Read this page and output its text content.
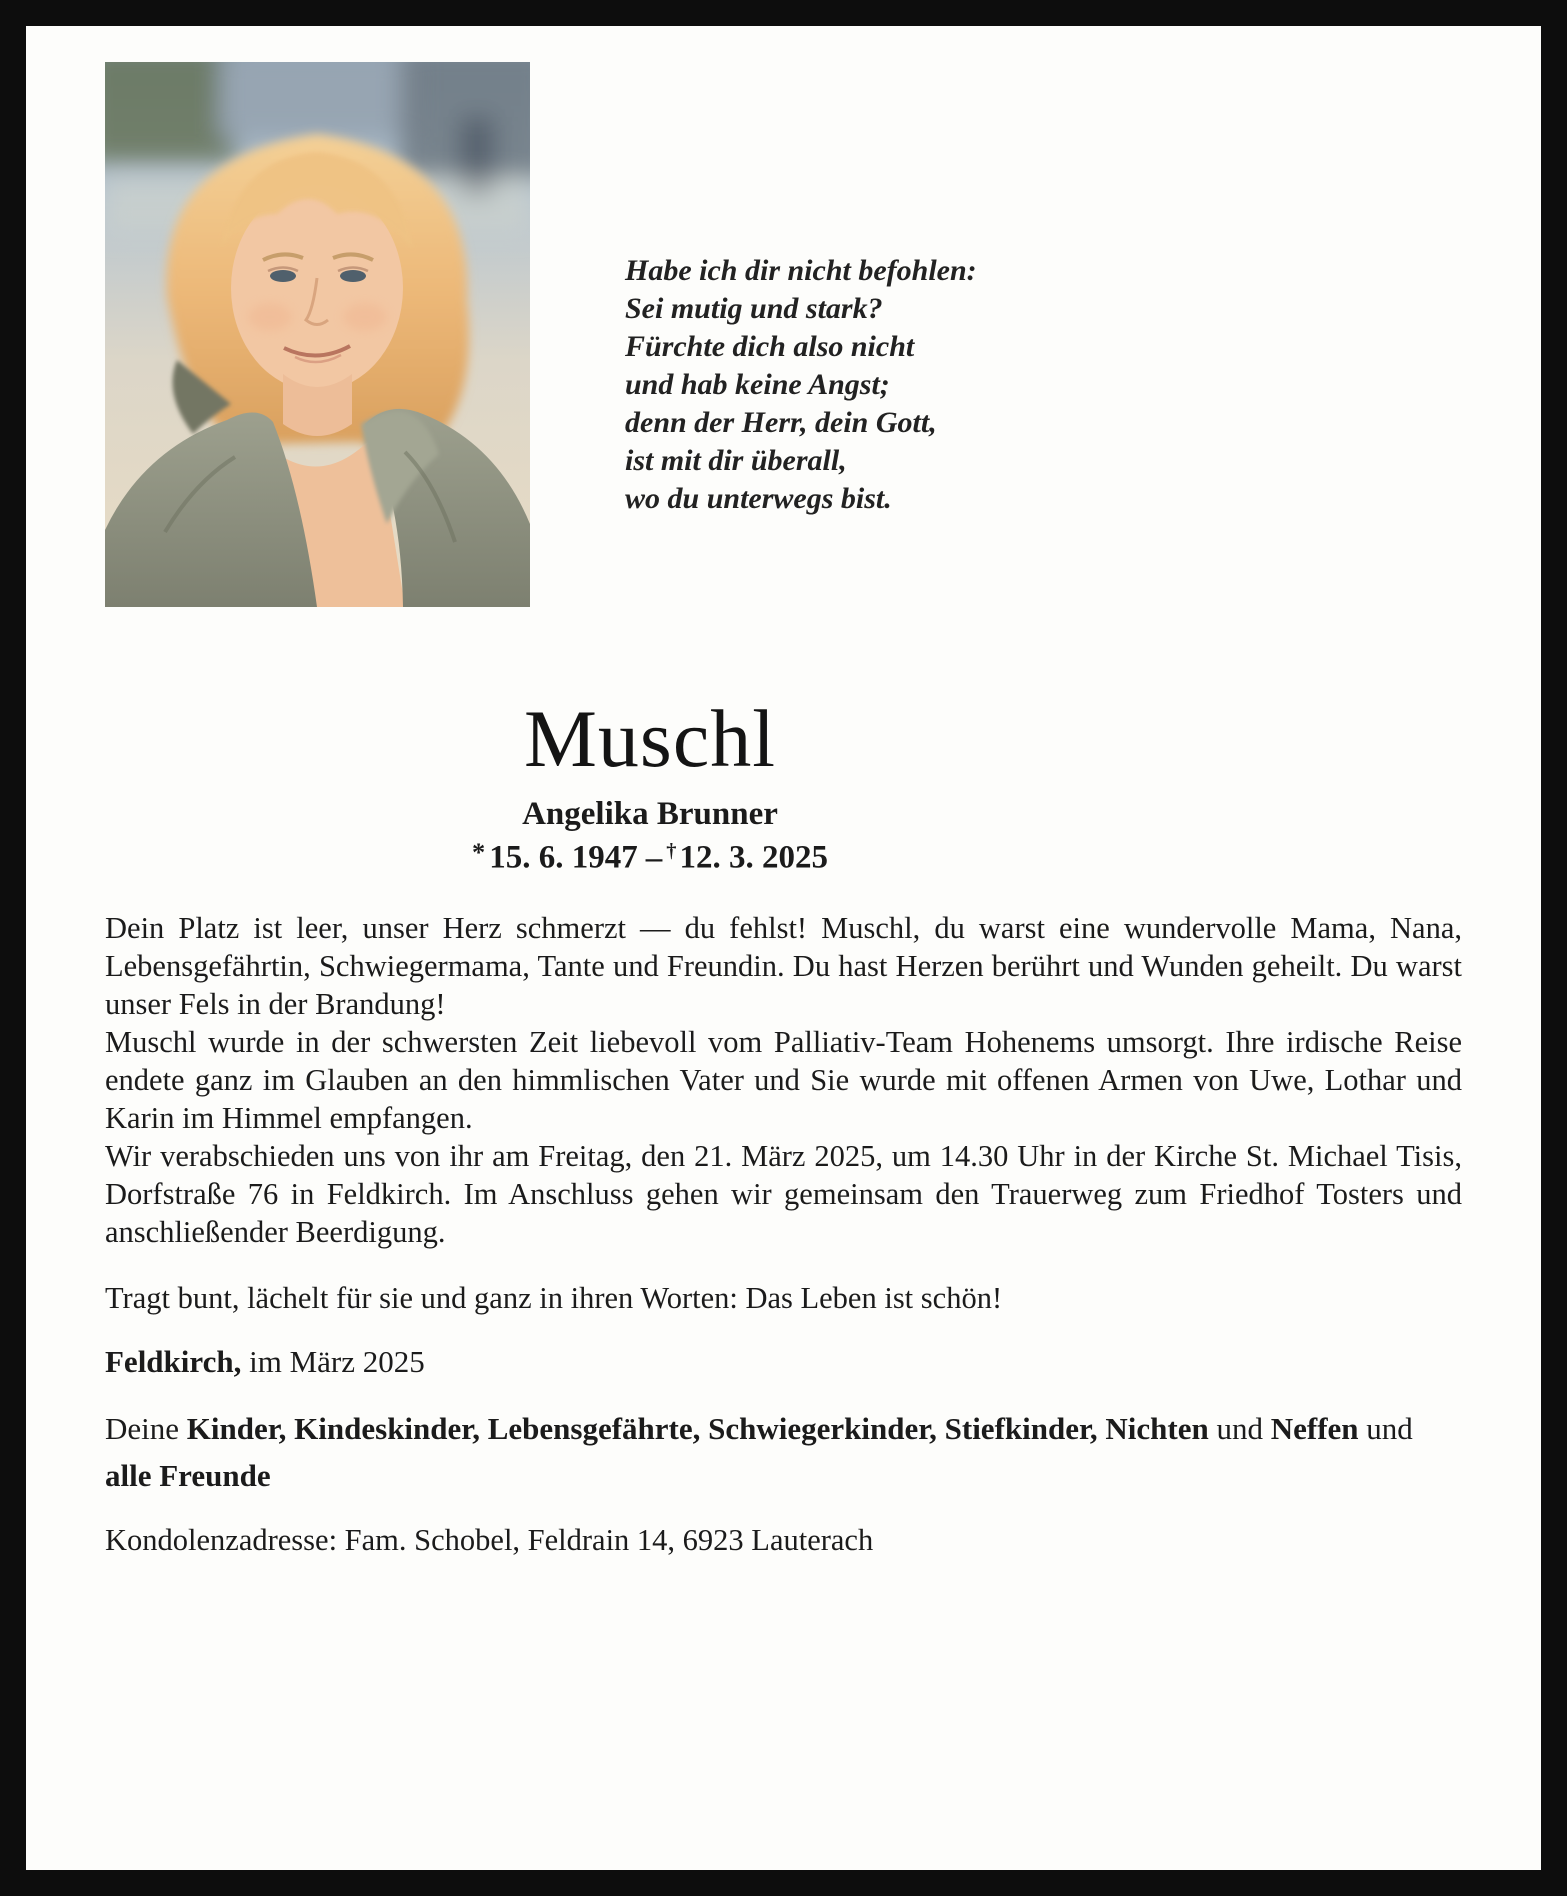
Habe ich dir nicht befohlen:
Sei mutig und stark?
Fürchte dich also nicht
und hab keine Angst;
denn der Herr, dein Gott,
ist mit dir überall,
wo du unterwegs bist.
Muschl
Angelika Brunner
* 15. 6. 1947 – †12. 3. 2025

Dein Platz ist leer, unser Herz schmerzt — du fehlst! Muschl, du warst eine wundervolle Mama, Nana, Lebensgefährtin, Schwiegermama, Tante und Freundin. Du hast Herzen berührt und Wunden geheilt. Du warst unser Fels in der Brandung!

Muschl wurde in der schwersten Zeit liebevoll vom Palliativ-Team Hohenems umsorgt. Ihre irdische Reise endete ganz im Glauben an den himmlischen Vater und Sie wurde mit offenen Armen von Uwe, Lothar und Karin im Himmel empfangen.

Wir verabschieden uns von ihr am Freitag, den 21. März 2025, um 14.30 Uhr in der Kirche St. Michael Tisis, Dorfstraße 76 in Feldkirch. Im Anschluss gehen wir gemeinsam den Trauerweg zum Friedhof Tosters und anschließender Beerdigung.

Tragt bunt, lächelt für sie und ganz in ihren Worten: Das Leben ist schön!
Feldkirch, im März 2025
Deine Kinder, Kindeskinder, Lebensgefährte, Schwiegerkinder, Stiefkinder, Nichten und Neffen und alle Freunde
Kondolenzadresse: Fam. Schobel, Feldrain 14, 6923 Lauterach
